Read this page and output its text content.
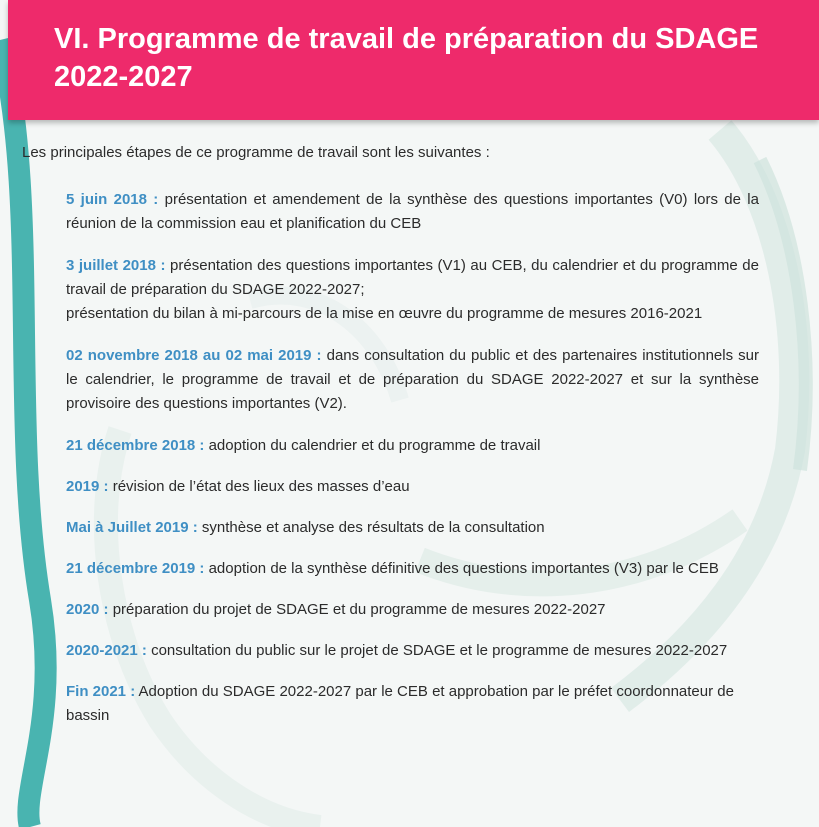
VI. Programme de travail de préparation du SDAGE
2022-2027

Les principales étapes de ce programme de travail sont les suivantes :

5 juin 2018 : présentation et amendement de la synthèse des questions importantes (V0) lors de la réunion de la commission eau et planification du CEB

3 juillet 2018 : présentation des questions importantes (V1) au CEB, du calendrier et du programme de travail de préparation du SDAGE 2022-2027;
présentation du bilan à mi-parcours de la mise en œuvre du programme de mesures 2016-2021

02 novembre 2018 au 02 mai 2019 : dans consultation du public et des partenaires institutionnels sur le calendrier, le programme de travail et de préparation du SDAGE 2022-2027 et sur la synthèse provisoire des questions importantes (V2).

21 décembre 2018 : adoption du calendrier et du programme de travail

2019 : révision de l’état des lieux des masses d’eau

Mai à Juillet 2019 : synthèse et analyse des résultats de la consultation

21 décembre 2019 : adoption de la synthèse définitive des questions importantes (V3) par le CEB

2020 : préparation du projet de SDAGE et du programme de mesures 2022-2027

2020-2021 : consultation du public sur le projet de SDAGE et le programme de mesures 2022-2027

Fin 2021 : Adoption du SDAGE 2022-2027 par le CEB et approbation par le préfet coordonnateur de bassin
